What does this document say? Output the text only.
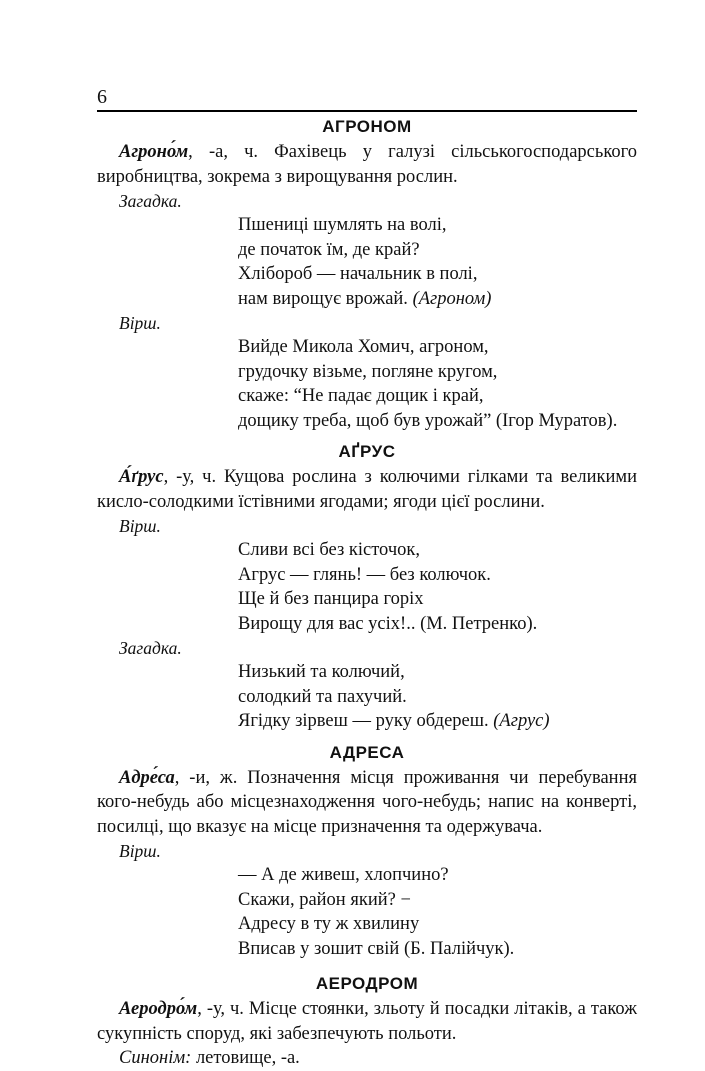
6
АГРОНОМ

Агроно́м, -а, ч. Фахівець у галузі сільськогосподарського виробництва, зокрема з вирощування рослин.

Загадка.

Пшениці шумлять на волі,
де початок їм, де край?
Хлібороб — начальник в полі,
нам вирощує врожай. (Агроном)

Вірш.

Вийде Микола Хомич, агроном,
грудочку візьме, погляне кругом,
скаже: “Не падає дощик і край,
дощику треба, щоб був урожай” (Ігор Муратов).
АҐРУС

А́ґрус, -у, ч. Кущова рослина з колючими гілками та великими кисло-солодкими їстівними ягодами; ягоди цієї рослини.

Вірш.

Сливи всі без кісточок,
Агрус — глянь! — без колючок.
Ще й без панцира горіх
Вирощу для вас усіх!.. (М. Петренко).

Загадка.

Низький та колючий,
солодкий та пахучий.
Ягідку зірвеш — руку обдереш. (Агрус)
АДРЕСА

Адре́са, -и, ж. Позначення місця проживання чи перебування кого-небудь або місцезнаходження чого-небудь; напис на конверті, посилці, що вказує на місце призначення та одержувача.

Вірш.

— А де живеш, хлопчино?
Скажи, район який? −
Адресу в ту ж хвилину
Вписав у зошит свій (Б. Палійчук).
АЕРОДРОМ

Аеродро́м, -у, ч. Місце стоянки, зльоту й посадки літаків, а також сукупність споруд, які забезпечують польоти.

Синонім: летовище, -а.
